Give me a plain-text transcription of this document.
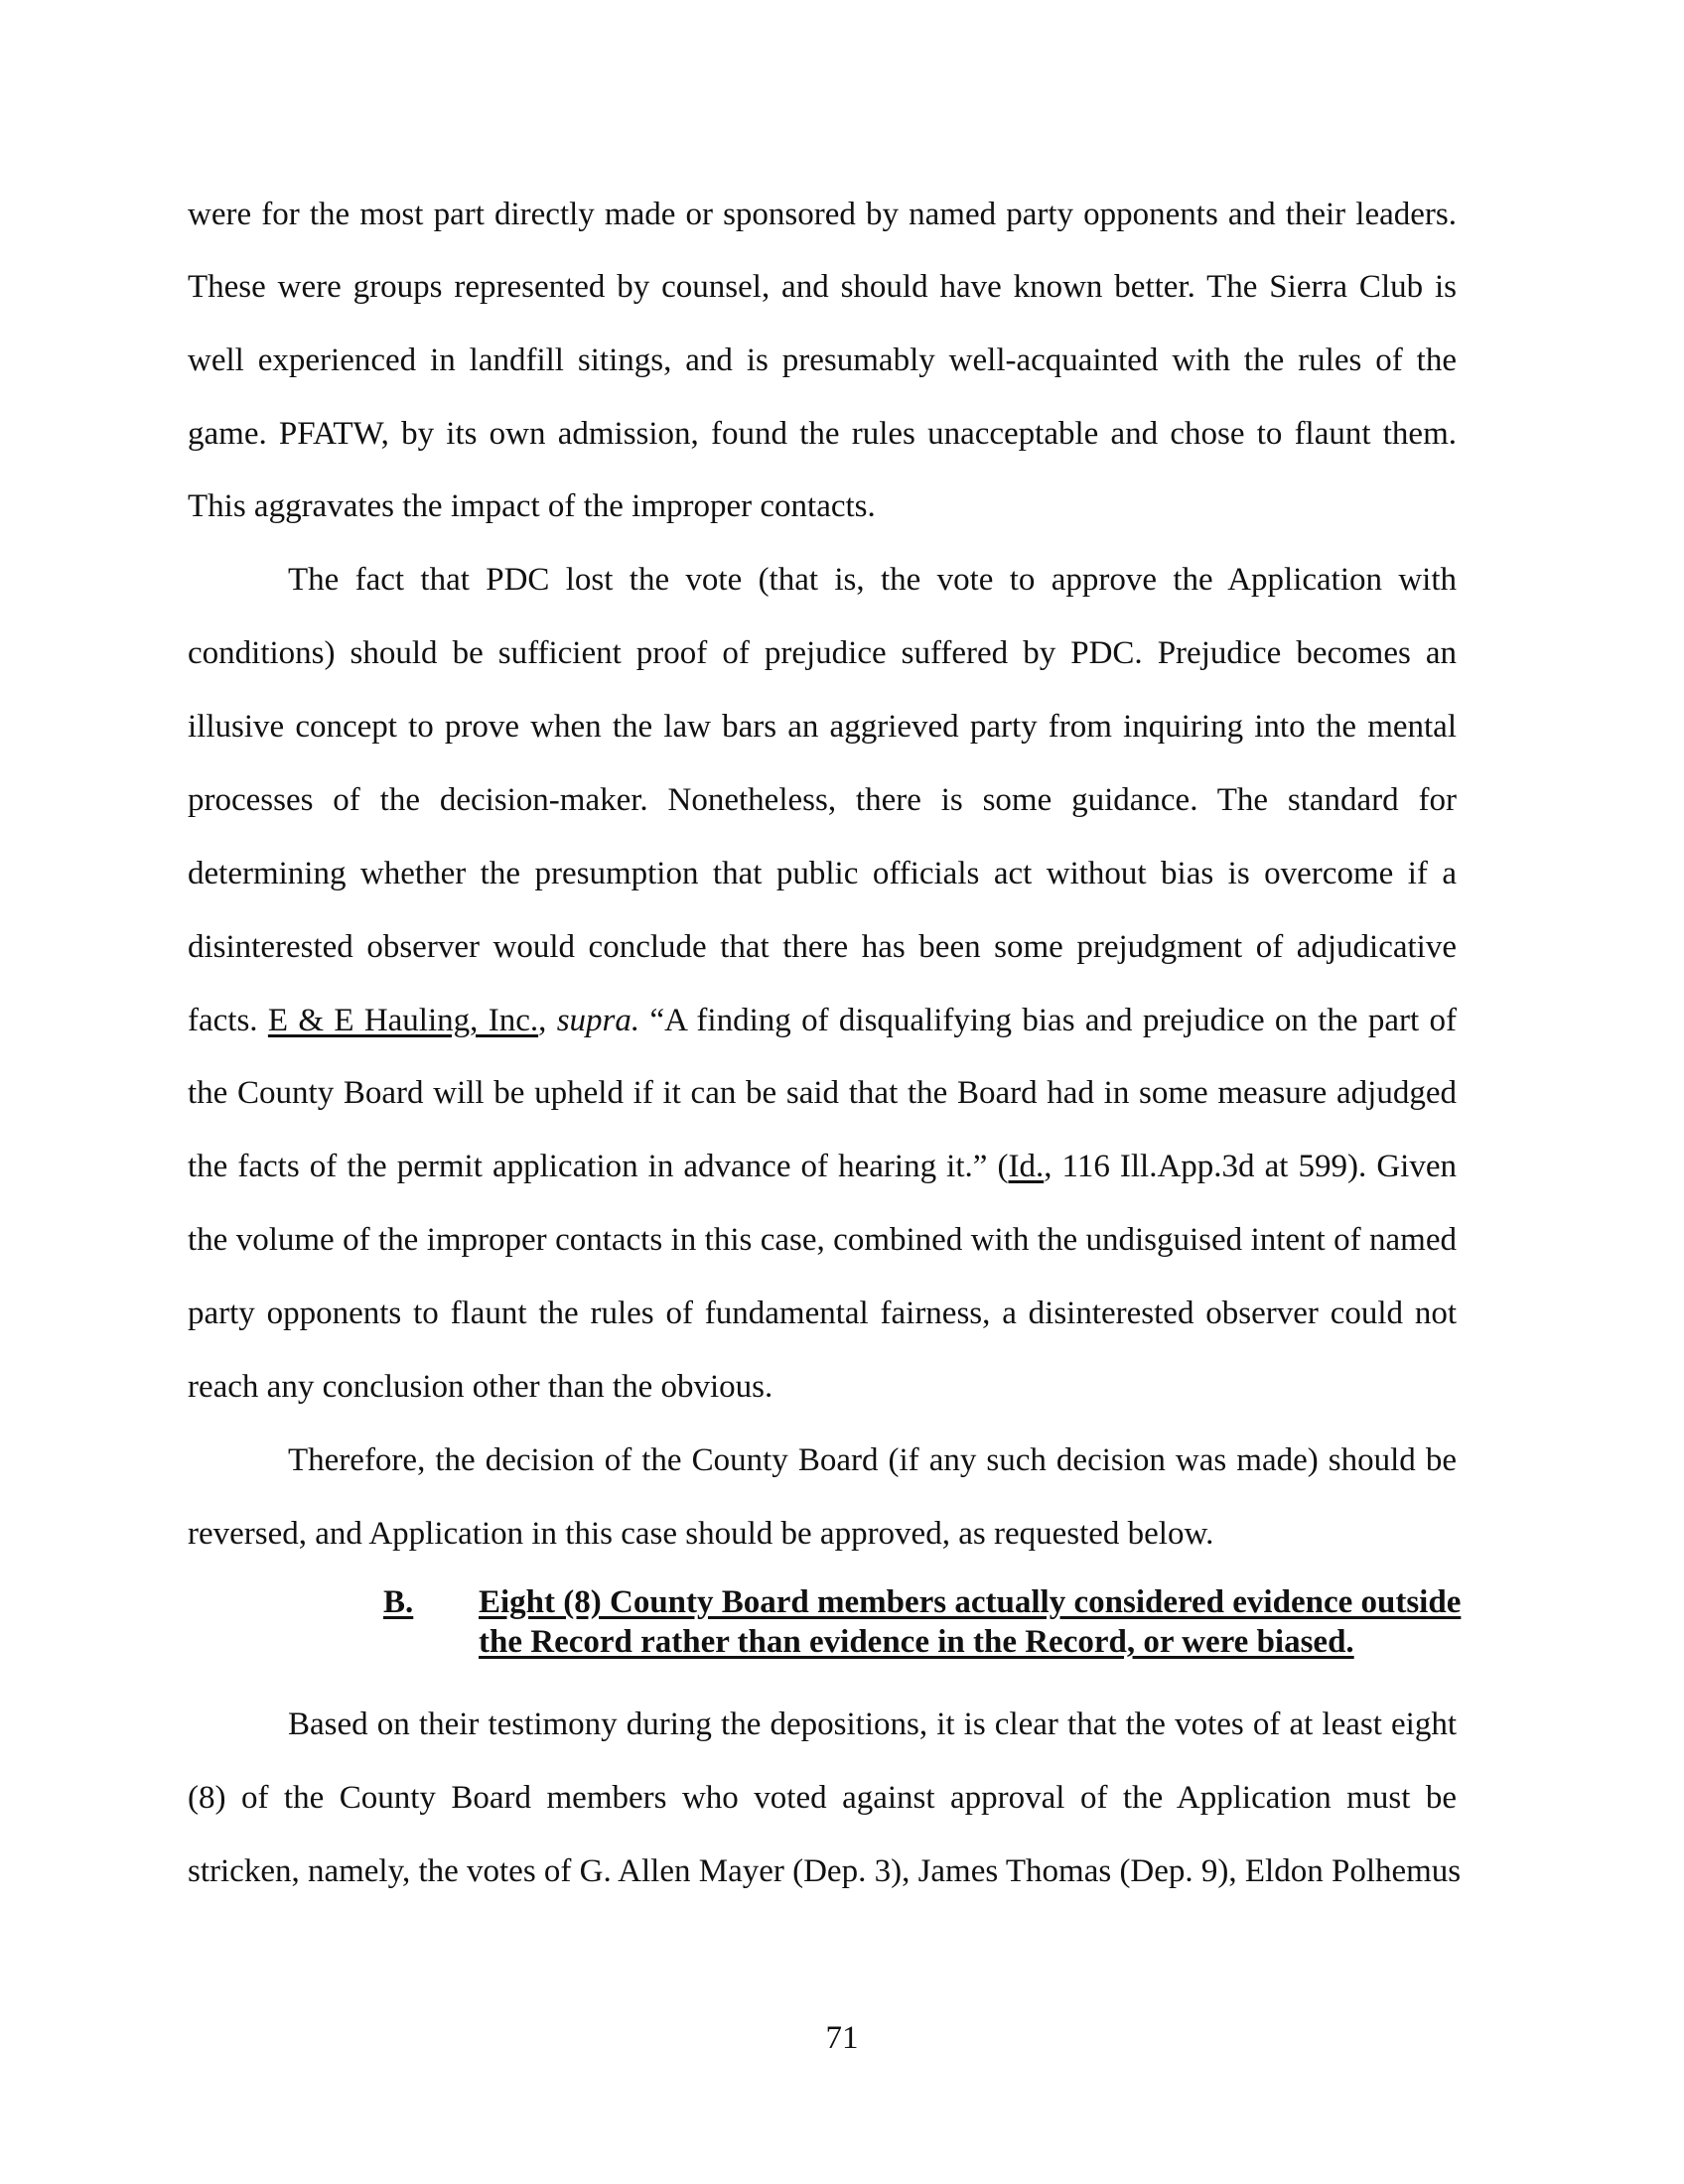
were for the most part directly made or sponsored by named party opponents and their leaders.
These were groups represented by counsel, and should have known better. The Sierra Club is
well experienced in landfill sitings, and is presumably well-acquainted with the rules of the
game. PFATW, by its own admission, found the rules unacceptable and chose to flaunt them.
This aggravates the impact of the improper contacts.
The fact that PDC lost the vote (that is, the vote to approve the Application with
conditions) should be sufficient proof of prejudice suffered by PDC. Prejudice becomes an
illusive concept to prove when the law bars an aggrieved party from inquiring into the mental
processes of the decision-maker. Nonetheless, there is some guidance. The standard for
determining whether the presumption that public officials act without bias is overcome if a
disinterested observer would conclude that there has been some prejudgment of adjudicative
facts. E & E Hauling, Inc., supra. “A finding of disqualifying bias and prejudice on the part of
the County Board will be upheld if it can be said that the Board had in some measure adjudged
the facts of the permit application in advance of hearing it.” (Id., 116 Ill.App.3d at 599). Given
the volume of the improper contacts in this case, combined with the undisguised intent of named
party opponents to flaunt the rules of fundamental fairness, a disinterested observer could not
reach any conclusion other than the obvious.
Therefore, the decision of the County Board (if any such decision was made) should be
reversed, and Application in this case should be approved, as requested below.
B. Eight (8) County Board members actually considered evidence outside
the Record rather than evidence in the Record, or were biased.
Based on their testimony during the depositions, it is clear that the votes of at least eight
(8) of the County Board members who voted against approval of the Application must be
stricken, namely, the votes of G. Allen Mayer (Dep. 3), James Thomas (Dep. 9), Eldon Polhemus
71
